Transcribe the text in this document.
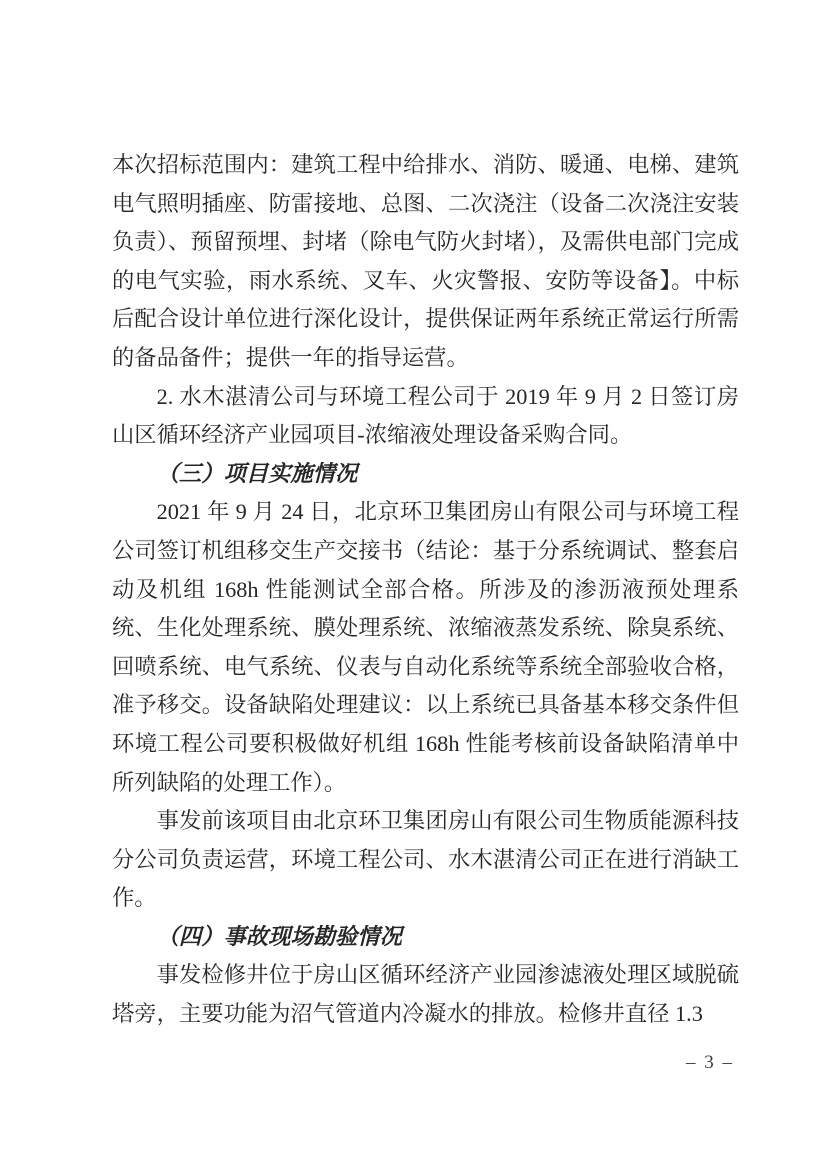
本次招标范围内：建筑工程中给排水、消防、暖通、电梯、建筑电气照明插座、防雷接地、总图、二次浇注（设备二次浇注安装负责）、预留预埋、封堵（除电气防火封堵），及需供电部门完成的电气实验，雨水系统、叉车、火灾警报、安防等设备】。中标后配合设计单位进行深化设计，提供保证两年系统正常运行所需的备品备件；提供一年的指导运营。

2. 水木湛清公司与环境工程公司于 2019 年 9 月 2 日签订房山区循环经济产业园项目-浓缩液处理设备采购合同。

（三）项目实施情况

2021 年 9 月 24 日，北京环卫集团房山有限公司与环境工程公司签订机组移交生产交接书（结论：基于分系统调试、整套启动及机组 168h 性能测试全部合格。所涉及的渗沥液预处理系统、生化处理系统、膜处理系统、浓缩液蒸发系统、除臭系统、回喷系统、电气系统、仪表与自动化系统等系统全部验收合格，准予移交。设备缺陷处理建议：以上系统已具备基本移交条件但环境工程公司要积极做好机组 168h 性能考核前设备缺陷清单中所列缺陷的处理工作）。

事发前该项目由北京环卫集团房山有限公司生物质能源科技分公司负责运营，环境工程公司、水木湛清公司正在进行消缺工作。

（四）事故现场勘验情况

事发检修井位于房山区循环经济产业园渗滤液处理区域脱硫塔旁，主要功能为沼气管道内冷凝水的排放。检修井直径 1.3

– 3 –
